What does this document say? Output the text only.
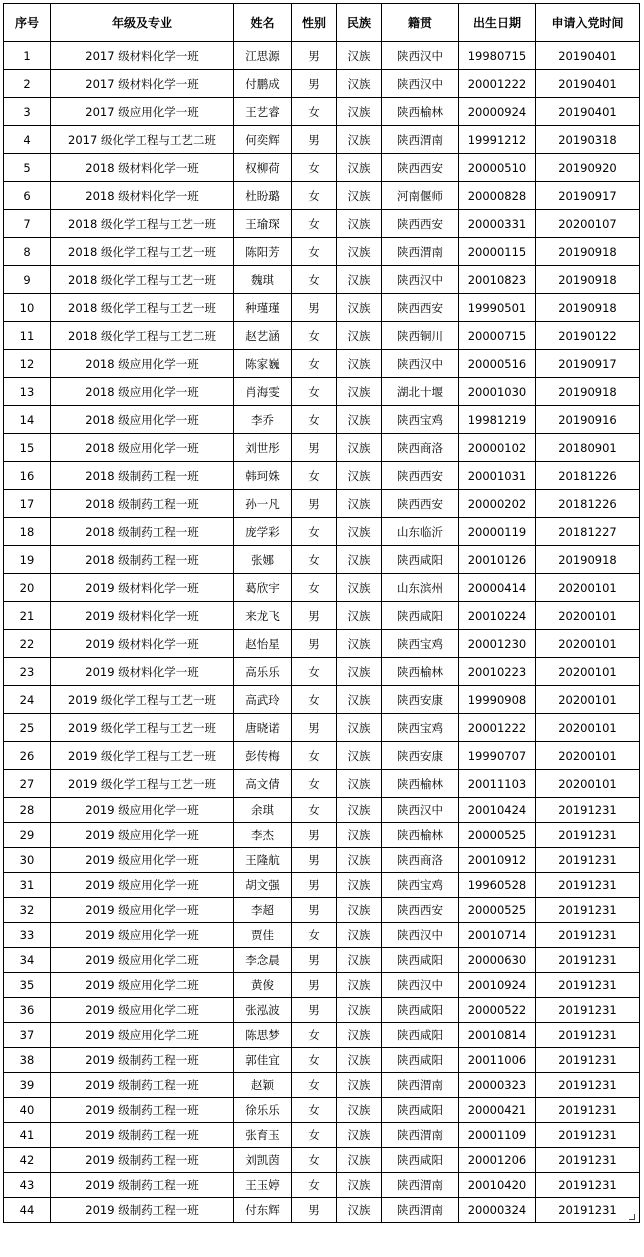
序号	年级及专业	姓名	性别	民族	籍贯	出生日期	申请入党时间
1	2017 级材料化学一班	江思源	男	汉族	陕西汉中	19980715	20190401
2	2017 级材料化学一班	付鹏成	男	汉族	陕西汉中	20001222	20190401
3	2017 级应用化学一班	王艺睿	女	汉族	陕西榆林	20000924	20190401
4	2017 级化学工程与工艺二班	何奕辉	男	汉族	陕西渭南	19991212	20190318
5	2018 级材料化学一班	权柳荷	女	汉族	陕西西安	20000510	20190920
6	2018 级材料化学一班	杜盼璐	女	汉族	河南偃师	20000828	20190917
7	2018 级化学工程与工艺一班	王瑜琛	女	汉族	陕西西安	20000331	20200107
8	2018 级化学工程与工艺一班	陈阳芳	女	汉族	陕西渭南	20000115	20190918
9	2018 级化学工程与工艺一班	魏琪	女	汉族	陕西汉中	20010823	20190918
10	2018 级化学工程与工艺一班	种瑾瑾	男	汉族	陕西西安	19990501	20190918
11	2018 级化学工程与工艺二班	赵艺涵	女	汉族	陕西铜川	20000715	20190122
12	2018 级应用化学一班	陈家巍	女	汉族	陕西汉中	20000516	20190917
13	2018 级应用化学一班	肖海雯	女	汉族	湖北十堰	20001030	20190918
14	2018 级应用化学一班	李乔	女	汉族	陕西宝鸡	19981219	20190916
15	2018 级应用化学一班	刘世彤	男	汉族	陕西商洛	20000102	20180901
16	2018 级制药工程一班	韩珂姝	女	汉族	陕西西安	20001031	20181226
17	2018 级制药工程一班	孙一凡	男	汉族	陕西西安	20000202	20181226
18	2018 级制药工程一班	庞学彩	女	汉族	山东临沂	20000119	20181227
19	2018 级制药工程一班	张娜	女	汉族	陕西咸阳	20010126	20190918
20	2019 级材料化学一班	葛欣宇	女	汉族	山东滨州	20000414	20200101
21	2019 级材料化学一班	来龙飞	男	汉族	陕西咸阳	20010224	20200101
22	2019 级材料化学一班	赵怡星	男	汉族	陕西宝鸡	20001230	20200101
23	2019 级材料化学一班	高乐乐	女	汉族	陕西榆林	20010223	20200101
24	2019 级化学工程与工艺一班	高武玲	女	汉族	陕西安康	19990908	20200101
25	2019 级化学工程与工艺一班	唐晓诺	男	汉族	陕西宝鸡	20001222	20200101
26	2019 级化学工程与工艺一班	彭传梅	女	汉族	陕西安康	19990707	20200101
27	2019 级化学工程与工艺一班	高文倩	女	汉族	陕西榆林	20011103	20200101
28	2019 级应用化学一班	余琪	女	汉族	陕西汉中	20010424	20191231
29	2019 级应用化学一班	李杰	男	汉族	陕西榆林	20000525	20191231
30	2019 级应用化学一班	王隆航	男	汉族	陕西商洛	20010912	20191231
31	2019 级应用化学一班	胡文强	男	汉族	陕西宝鸡	19960528	20191231
32	2019 级应用化学一班	李超	男	汉族	陕西西安	20000525	20191231
33	2019 级应用化学一班	贾佳	女	汉族	陕西汉中	20010714	20191231
34	2019 级应用化学二班	李念晨	男	汉族	陕西咸阳	20000630	20191231
35	2019 级应用化学二班	黄俊	男	汉族	陕西汉中	20010924	20191231
36	2019 级应用化学二班	张泓波	男	汉族	陕西咸阳	20000522	20191231
37	2019 级应用化学二班	陈思梦	女	汉族	陕西咸阳	20010814	20191231
38	2019 级制药工程一班	郭佳宜	女	汉族	陕西咸阳	20011006	20191231
39	2019 级制药工程一班	赵颖	女	汉族	陕西渭南	20000323	20191231
40	2019 级制药工程一班	徐乐乐	女	汉族	陕西咸阳	20000421	20191231
41	2019 级制药工程一班	张育玉	女	汉族	陕西渭南	20001109	20191231
42	2019 级制药工程一班	刘凯茵	女	汉族	陕西咸阳	20001206	20191231
43	2019 级制药工程一班	王玉婷	女	汉族	陕西渭南	20010420	20191231
44	2019 级制药工程一班	付东辉	男	汉族	陕西渭南	20000324	20191231
